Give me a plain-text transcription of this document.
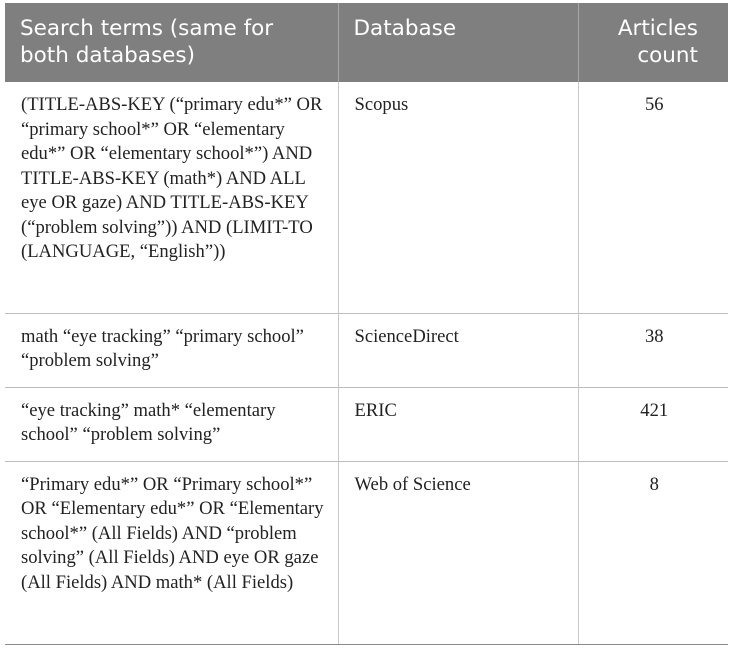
Search terms (same for both databases)	Database	Articles count
(TITLE-ABS-KEY (“primary edu*” OR “primary school*” OR “elementary edu*” OR “elementary school*”) AND TITLE-ABS-KEY (math*) AND ALL eye OR gaze) AND TITLE-ABS-KEY (“problem solving”)) AND (LIMIT-TO (LANGUAGE, “English”))	Scopus	56
math “eye tracking” “primary school” “problem solving”	ScienceDirect	38
“eye tracking” math* “elementary school” “problem solving”	ERIC	421
“Primary edu*” OR “Primary school*” OR “Elementary edu*” OR “Elementary school*” (All Fields) AND “problem solving” (All Fields) AND eye OR gaze (All Fields) AND math* (All Fields)	Web of Science	8
